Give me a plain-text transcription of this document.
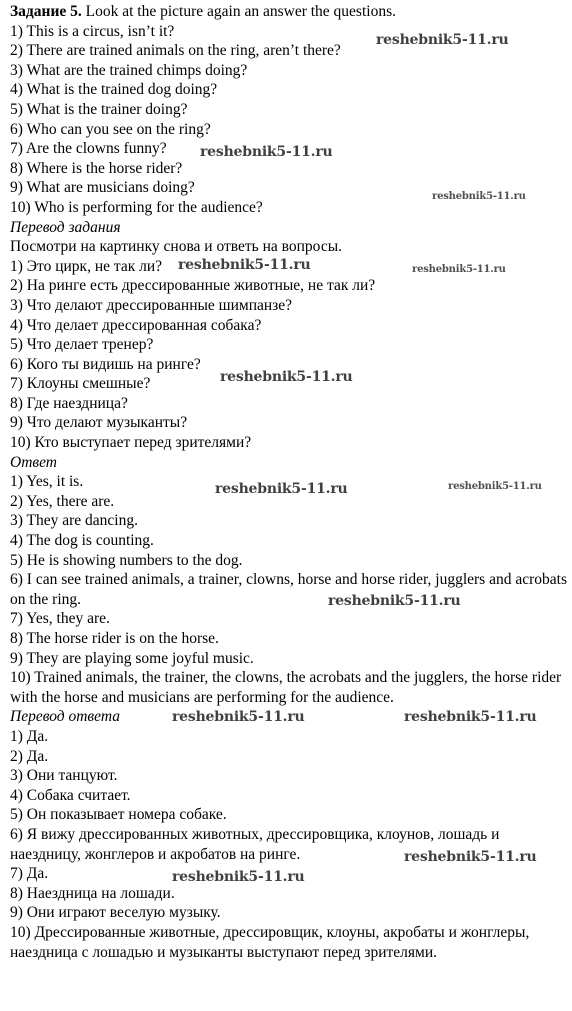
Задание 5. Look at the picture again an answer the questions.
1) This is a circus, isn’t it?
2) There are trained animals on the ring, aren’t there?
3) What are the trained chimps doing?
4) What is the trained dog doing?
5) What is the trainer doing?
6) Who can you see on the ring?
7) Are the clowns funny?
8) Where is the horse rider?
9) What are musicians doing?
10) Who is performing for the audience?
Перевод задания
Посмотри на картинку снова и ответь на вопросы.
1) Это цирк, не так ли?
2) На ринге есть дрессированные животные, не так ли?
3) Что делают дрессированные шимпанзе?
4) Что делает дрессированная собака?
5) Что делает тренер?
6) Кого ты видишь на ринге?
7) Клоуны смешные?
8) Где наездница?
9) Что делают музыканты?
10) Кто выступает перед зрителями?
Ответ
1) Yes, it is.
2) Yes, there are.
3) They are dancing.
4) The dog is counting.
5) He is showing numbers to the dog.
6) I can see trained animals, a trainer, clowns, horse and horse rider, jugglers and acrobats on the ring.
7) Yes, they are.
8) The horse rider is on the horse.
9) They are playing some joyful music.
10) Trained animals, the trainer, the clowns, the acrobats and the jugglers, the horse rider with the horse and musicians are performing for the audience.
Перевод ответа
1) Да.
2) Да.
3) Они танцуют.
4) Собака считает.
5) Он показывает номера собаке.
6) Я вижу дрессированных животных, дрессировщика, клоунов, лошадь и наездницу, жонглеров и акробатов на ринге.
7) Да.
8) Наездница на лошади.
9) Они играют веселую музыку.
10) Дрессированные животные, дрессировщик, клоуны, акробаты и жонглеры, наездница с лошадью и музыканты выступают перед зрителями.
reshebnik5-11.ru
reshebnik5-11.ru
reshebnik5-11.ru
reshebnik5-11.ru	reshebnik5-11.ru
reshebnik5-11.ru
reshebnik5-11.ru	reshebnik5-11.ru
reshebnik5-11.ru
reshebnik5-11.ru	reshebnik5-11.ru
reshebnik5-11.ru
reshebnik5-11.ru
